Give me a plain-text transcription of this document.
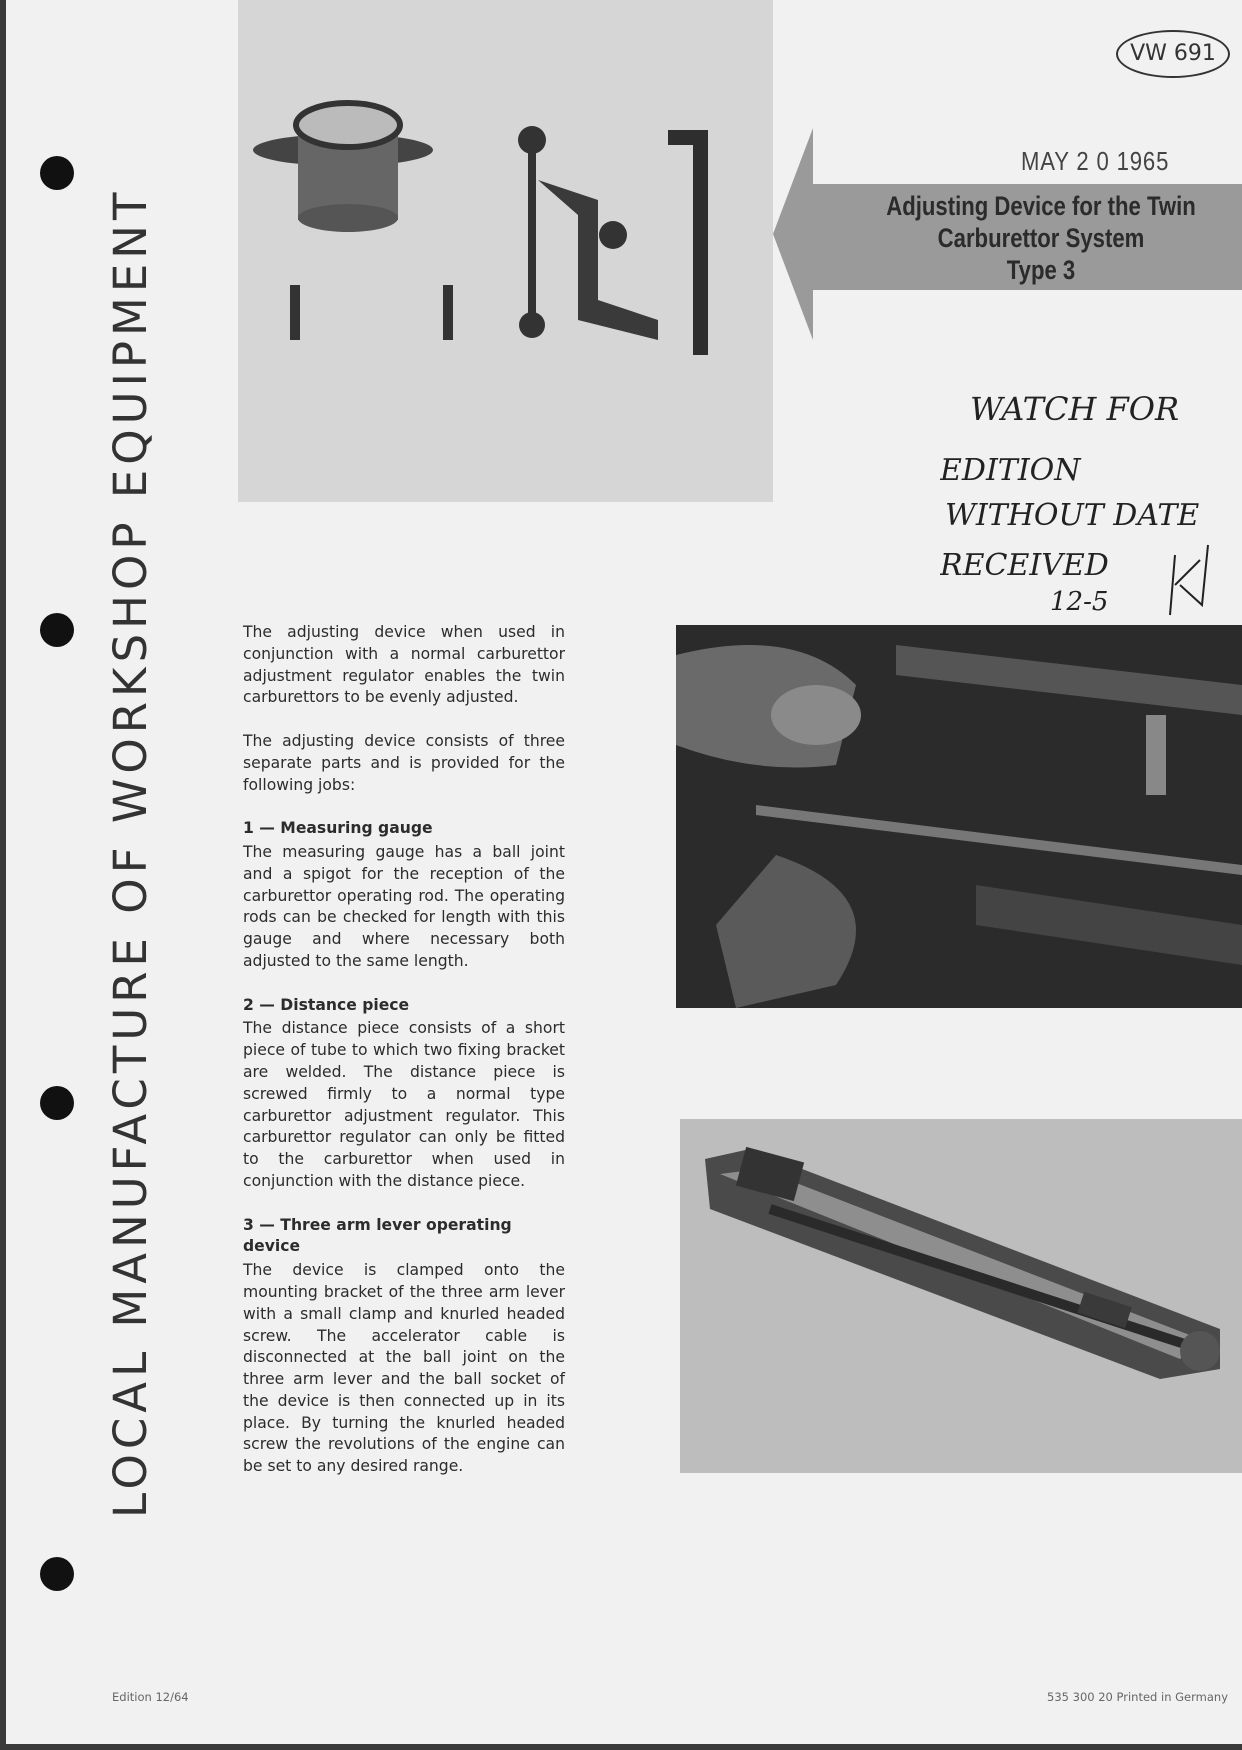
LOCAL MANUFACTURE OF WORKSHOP EQUIPMENT
MAY 2 0 1965
Adjusting Device for the Twin
Carburettor System
Type 3
VW 691
WATCH FOR
EDITION
WITHOUT DATE
RECEIVED
12-5

The adjusting device when used in conjunction with a normal carburettor adjustment regulator enables the twin carburettors to be evenly adjusted.

The adjusting device consists of three separate parts and is provided for the following jobs:

1 — Measuring gauge

The measuring gauge has a ball joint and a spigot for the reception of the carburettor operating rod. The operating rods can be checked for length with this gauge and where necessary both adjusted to the same length.

2 — Distance piece

The distance piece consists of a short piece of tube to which two fixing bracket are welded. The distance piece is screwed firmly to a normal type carburettor adjustment regulator. This carburettor regulator can only be fitted to the carburettor when used in conjunction with the distance piece.

3 — Three arm lever operating device

The device is clamped onto the mounting bracket of the three arm lever with a small clamp and knurled headed screw. The accelerator cable is disconnected at the ball joint on the three arm lever and the ball socket of the device is then connected up in its place. By turning the knurled headed screw the revolutions of the engine can be set to any desired range.

Edition 12/64	535 300 20 Printed in Germany
